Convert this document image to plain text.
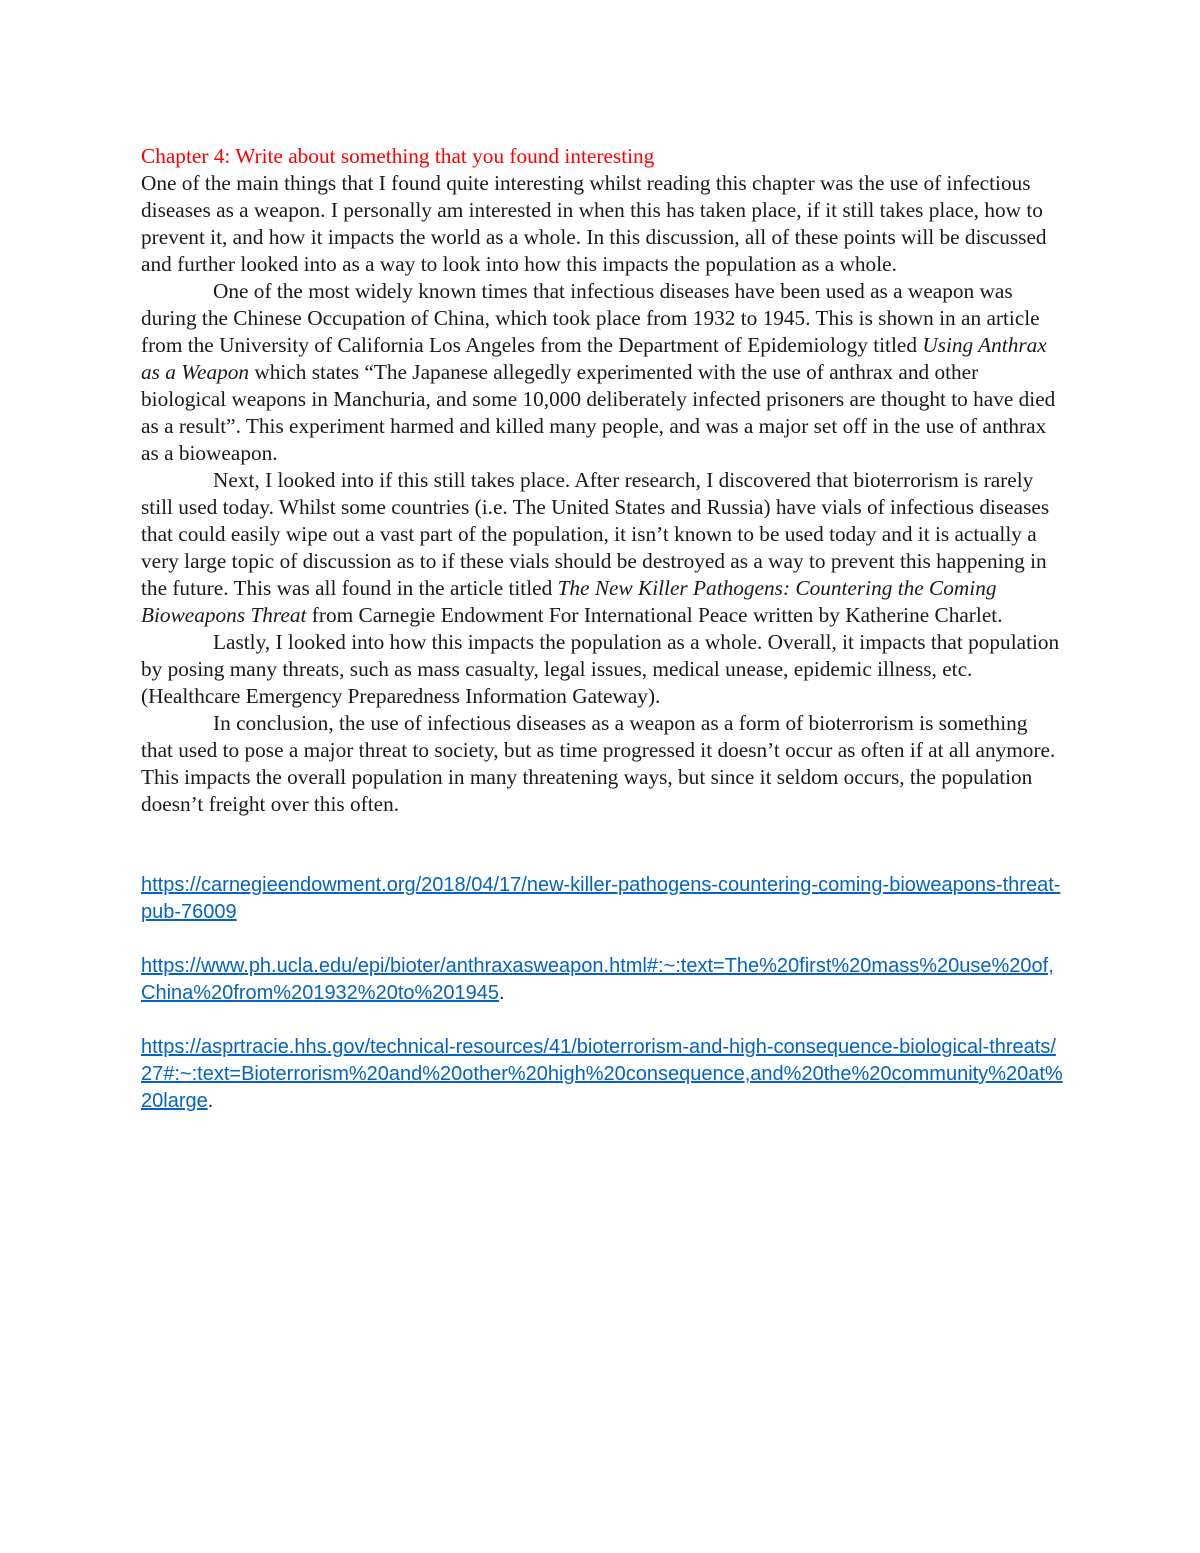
Chapter 4: Write about something that you found interesting

One of the main things that I found quite interesting whilst reading this chapter was the use of infectious diseases as a weapon. I personally am interested in when this has taken place, if it still takes place, how to prevent it, and how it impacts the world as a whole. In this discussion, all of these points will be discussed and further looked into as a way to look into how this impacts the population as a whole.

One of the most widely known times that infectious diseases have been used as a weapon was during the Chinese Occupation of China, which took place from 1932 to 1945. This is shown in an article from the University of California Los Angeles from the Department of Epidemiology titled Using Anthrax as a Weapon which states “The Japanese allegedly experimented with the use of anthrax and other biological weapons in Manchuria, and some 10,000 deliberately infected prisoners are thought to have died as a result”. This experiment harmed and killed many people, and was a major set off in the use of anthrax as a bioweapon.

Next, I looked into if this still takes place. After research, I discovered that bioterrorism is rarely still used today. Whilst some countries (i.e. The United States and Russia) have vials of infectious diseases that could easily wipe out a vast part of the population, it isn’t known to be used today and it is actually a very large topic of discussion as to if these vials should be destroyed as a way to prevent this happening in the future. This was all found in the article titled The New Killer Pathogens: Countering the Coming Bioweapons Threat from Carnegie Endowment For International Peace written by Katherine Charlet.

Lastly, I looked into how this impacts the population as a whole. Overall, it impacts that population by posing many threats, such as mass casualty, legal issues, medical unease, epidemic illness, etc. (Healthcare Emergency Preparedness Information Gateway).

In conclusion, the use of infectious diseases as a weapon as a form of bioterrorism is something that used to pose a major threat to society, but as time progressed it doesn’t occur as often if at all anymore. This impacts the overall population in many threatening ways, but since it seldom occurs, the population doesn’t freight over this often.

https://carnegieendowment.org/2018/04/17/new-killer-pathogens-countering-coming-bioweapons-threat-pub-76009

https://www.ph.ucla.edu/epi/bioter/anthraxasweapon.html#:~:text=The%20first%20mass%20use%20of,China%20from%201932%20to%201945.

https://asprtracie.hhs.gov/technical-resources/41/bioterrorism-and-high-consequence-biological-threats/27#:~:text=Bioterrorism%20and%20other%20high%20consequence,and%20the%20community%20at%20large.
